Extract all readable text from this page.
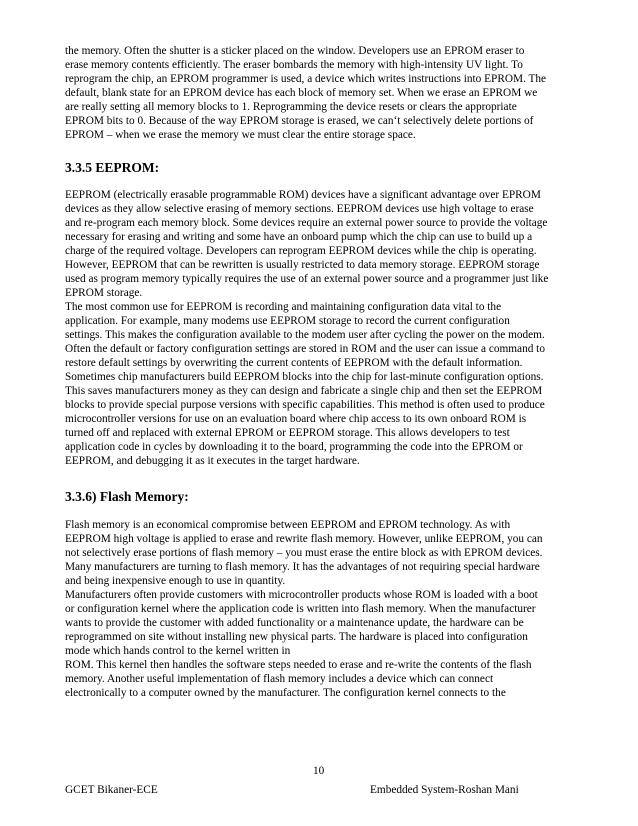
the memory. Often the shutter is a sticker placed on the window. Developers use an EPROM eraser to
erase memory contents efficiently. The eraser bombards the memory with high-intensity UV light. To
reprogram the chip, an EPROM programmer is used, a device which writes instructions into EPROM. The
default, blank state for an EPROM device has each block of memory set. When we erase an EPROM we
are really setting all memory blocks to 1. Reprogramming the device resets or clears the appropriate
EPROM bits to 0. Because of the way EPROM storage is erased, we can‘t selectively delete portions of
EPROM – when we erase the memory we must clear the entire storage space.
3.3.5 EEPROM:
EEPROM (electrically erasable programmable ROM) devices have a significant advantage over EPROM
devices as they allow selective erasing of memory sections. EEPROM devices use high voltage to erase
and re-program each memory block. Some devices require an external power source to provide the voltage
necessary for erasing and writing and some have an onboard pump which the chip can use to build up a
charge of the required voltage. Developers can reprogram EEPROM devices while the chip is operating.
However, EEPROM that can be rewritten is usually restricted to data memory storage. EEPROM storage
used as program memory typically requires the use of an external power source and a programmer just like
EPROM storage.
The most common use for EEPROM is recording and maintaining configuration data vital to the
application. For example, many modems use EEPROM storage to record the current configuration
settings. This makes the configuration available to the modem user after cycling the power on the modem.
Often the default or factory configuration settings are stored in ROM and the user can issue a command to
restore default settings by overwriting the current contents of EEPROM with the default information.
Sometimes chip manufacturers build EEPROM blocks into the chip for last-minute configuration options.
This saves manufacturers money as they can design and fabricate a single chip and then set the EEPROM
blocks to provide special purpose versions with specific capabilities. This method is often used to produce
microcontroller versions for use on an evaluation board where chip access to its own onboard ROM is
turned off and replaced with external EPROM or EEPROM storage. This allows developers to test
application code in cycles by downloading it to the board, programming the code into the EPROM or
EEPROM, and debugging it as it executes in the target hardware.
3.3.6) Flash Memory:
Flash memory is an economical compromise between EEPROM and EPROM technology. As with
EEPROM high voltage is applied to erase and rewrite flash memory. However, unlike EEPROM, you can
not selectively erase portions of flash memory – you must erase the entire block as with EPROM devices.
Many manufacturers are turning to flash memory. It has the advantages of not requiring special hardware
and being inexpensive enough to use in quantity.
Manufacturers often provide customers with microcontroller products whose ROM is loaded with a boot
or configuration kernel where the application code is written into flash memory. When the manufacturer
wants to provide the customer with added functionality or a maintenance update, the hardware can be
reprogrammed on site without installing new physical parts. The hardware is placed into configuration
mode which hands control to the kernel written in
ROM. This kernel then handles the software steps needed to erase and re-write the contents of the flash
memory. Another useful implementation of flash memory includes a device which can connect
electronically to a computer owned by the manufacturer. The configuration kernel connects to the
10
GCET Bikaner-ECE	Embedded System-Roshan Mani
